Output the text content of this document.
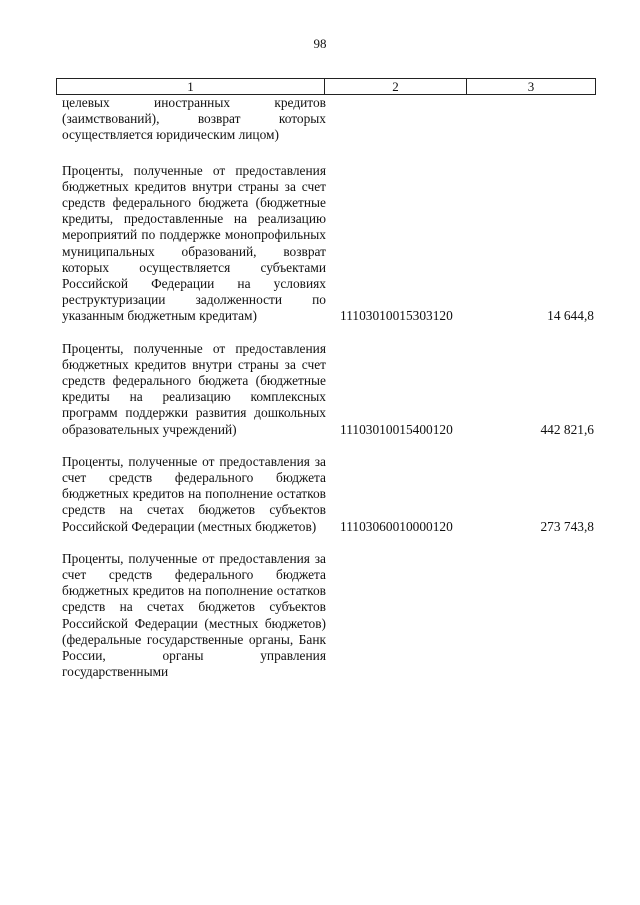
98
1	2	3
целевых иностранных кредитов (заимствований), возврат которых осуществляется юридическим лицом)
Проценты, полученные от предоставления бюджетных кредитов внутри страны за счет средств федерального бюджета (бюджетные кредиты, предоставленные на реализацию мероприятий по поддержке монопрофильных муниципальных образований, возврат которых осуществляется субъектами Российской Федерации на условиях реструктуризации задолженности по указанным бюджетным кредитам)	11103010015303120	14 644,8
Проценты, полученные от предоставления бюджетных кредитов внутри страны за счет средств федерального бюджета (бюджетные кредиты на реализацию комплексных программ поддержки развития дошкольных образовательных учреждений)	11103010015400120	442 821,6
Проценты, полученные от предоставления за счет средств федерального бюджета бюджетных кредитов на пополнение остатков средств на счетах бюджетов субъектов Российской Федерации (местных бюджетов)	11103060010000120	273 743,8
Проценты, полученные от предоставления за счет средств федерального бюджета бюджетных кредитов на пополнение остатков средств на счетах бюджетов субъектов Российской Федерации (местных бюджетов) (федеральные государственные органы, Банк России, органы управления государственными
